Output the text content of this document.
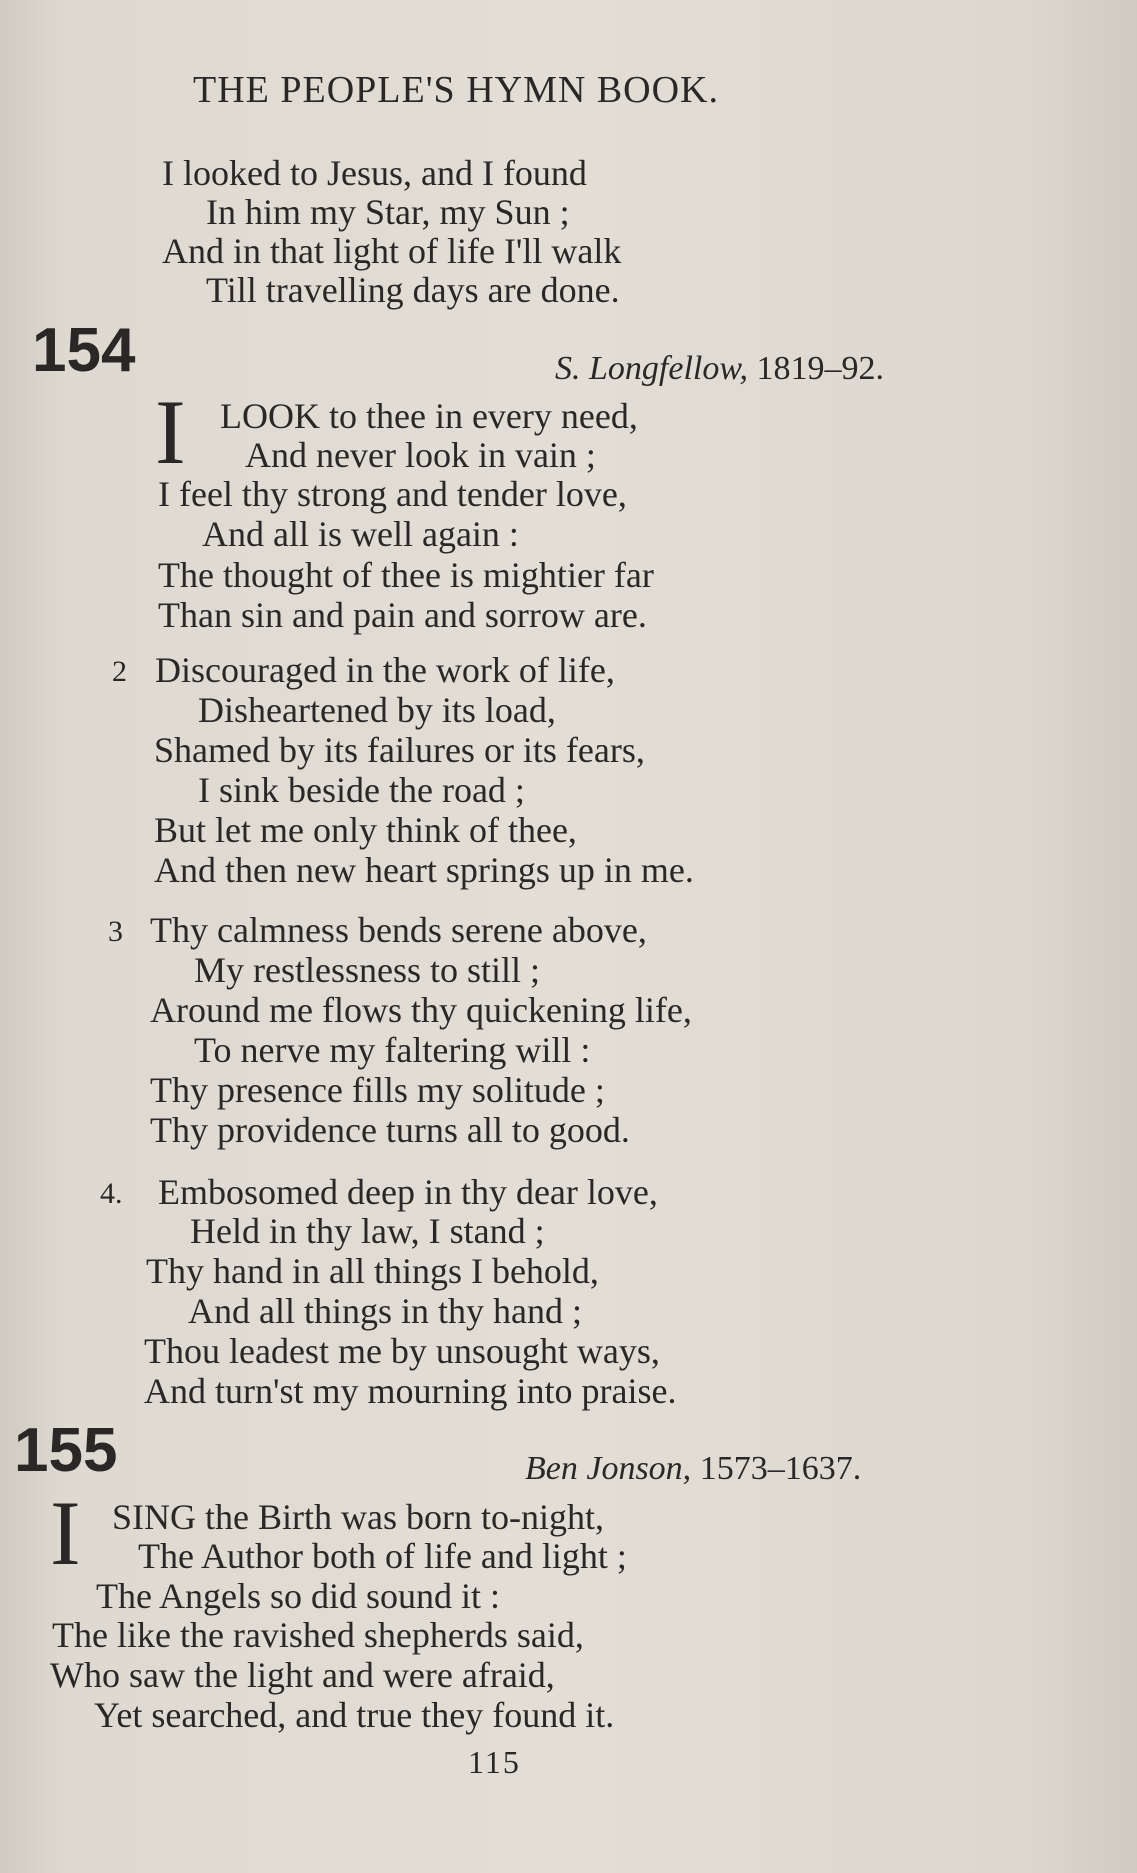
THE PEOPLE'S HYMN BOOK.
I looked to Jesus, and I found
In him my Star, my Sun ;
And in that light of life I'll walk
Till travelling days are done.
154	S. Longfellow, 1819–92.
I LOOK to thee in every need,
And never look in vain ;
I feel thy strong and tender love,
And all is well again :
The thought of thee is mightier far
Than sin and pain and sorrow are.
2 Discouraged in the work of life,
Disheartened by its load,
Shamed by its failures or its fears,
I sink beside the road ;
But let me only think of thee,
And then new heart springs up in me.
3 Thy calmness bends serene above,
My restlessness to still ;
Around me flows thy quickening life,
To nerve my faltering will :
Thy presence fills my solitude ;
Thy providence turns all to good.
4. Embosomed deep in thy dear love,
Held in thy law, I stand ;
Thy hand in all things I behold,
And all things in thy hand ;
Thou leadest me by unsought ways,
And turn'st my mourning into praise.
155	Ben Jonson, 1573–1637.
I SING the Birth was born to-night,
The Author both of life and light ;
The Angels so did sound it :
The like the ravished shepherds said,
Who saw the light and were afraid,
Yet searched, and true they found it.
115
